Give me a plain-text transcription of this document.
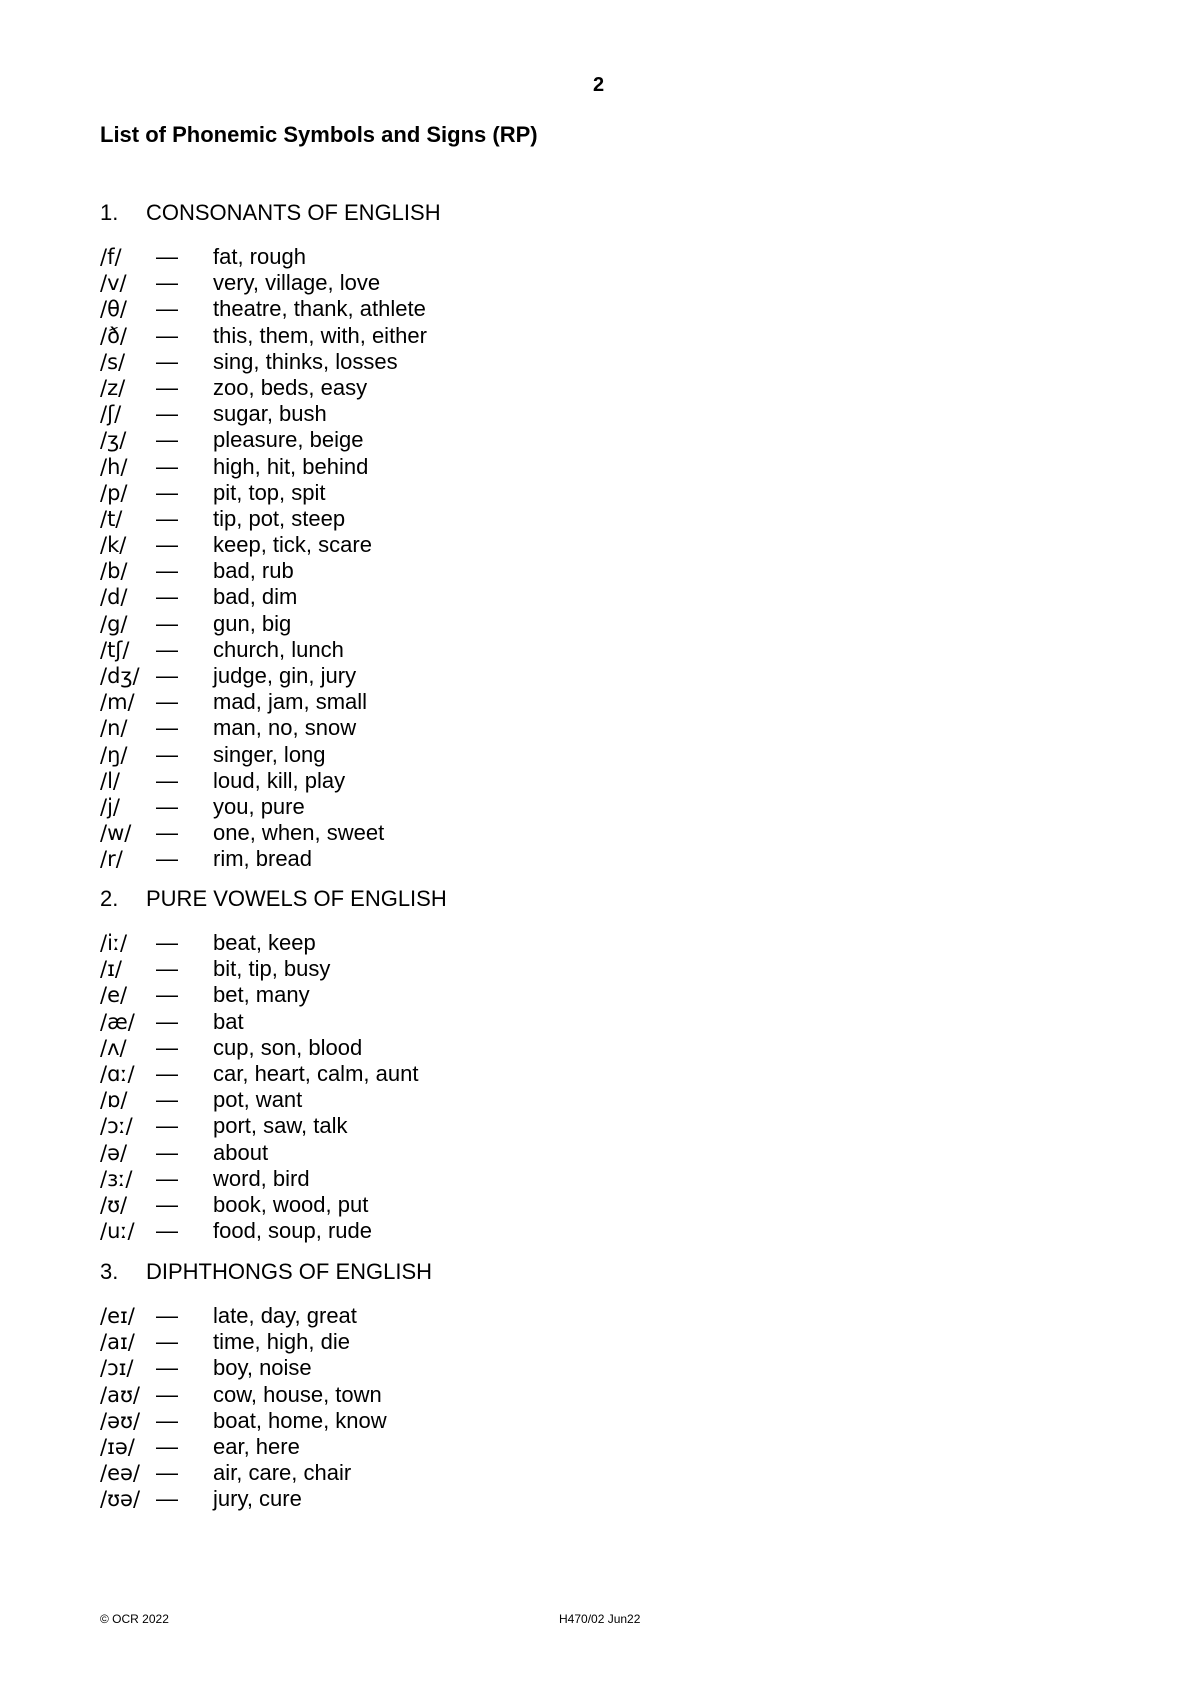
2
List of Phonemic Symbols and Signs (RP)
1. CONSONANTS OF ENGLISH
/f/ — fat, rough
/v/ — very, village, love
/θ/ — theatre, thank, athlete
/ð/ — this, them, with, either
/s/ — sing, thinks, losses
/z/ — zoo, beds, easy
/ʃ/ — sugar, bush
/ʒ/ — pleasure, beige
/h/ — high, hit, behind
/p/ — pit, top, spit
/t/ — tip, pot, steep
/k/ — keep, tick, scare
/b/ — bad, rub
/d/ — bad, dim
/g/ — gun, big
/tʃ/ — church, lunch
/dʒ/ — judge, gin, jury
/m/ — mad, jam, small
/n/ — man, no, snow
/ŋ/ — singer, long
/l/ — loud, kill, play
/j/ — you, pure
/w/ — one, when, sweet
/r/ — rim, bread
2. PURE VOWELS OF ENGLISH
/iː/ — beat, keep
/ɪ/ — bit, tip, busy
/e/ — bet, many
/æ/ — bat
/ʌ/ — cup, son, blood
/ɑː/ — car, heart, calm, aunt
/ɒ/ — pot, want
/ɔː/ — port, saw, talk
/ə/ — about
/ɜː/ — word, bird
/ʊ/ — book, wood, put
/uː/ — food, soup, rude
3. DIPHTHONGS OF ENGLISH
/eɪ/ — late, day, great
/aɪ/ — time, high, die
/ɔɪ/ — boy, noise
/aʊ/ — cow, house, town
/əʊ/ — boat, home, know
/ɪə/ — ear, here
/eə/ — air, care, chair
/ʊə/ — jury, cure
© OCR 2022	H470/02 Jun22
